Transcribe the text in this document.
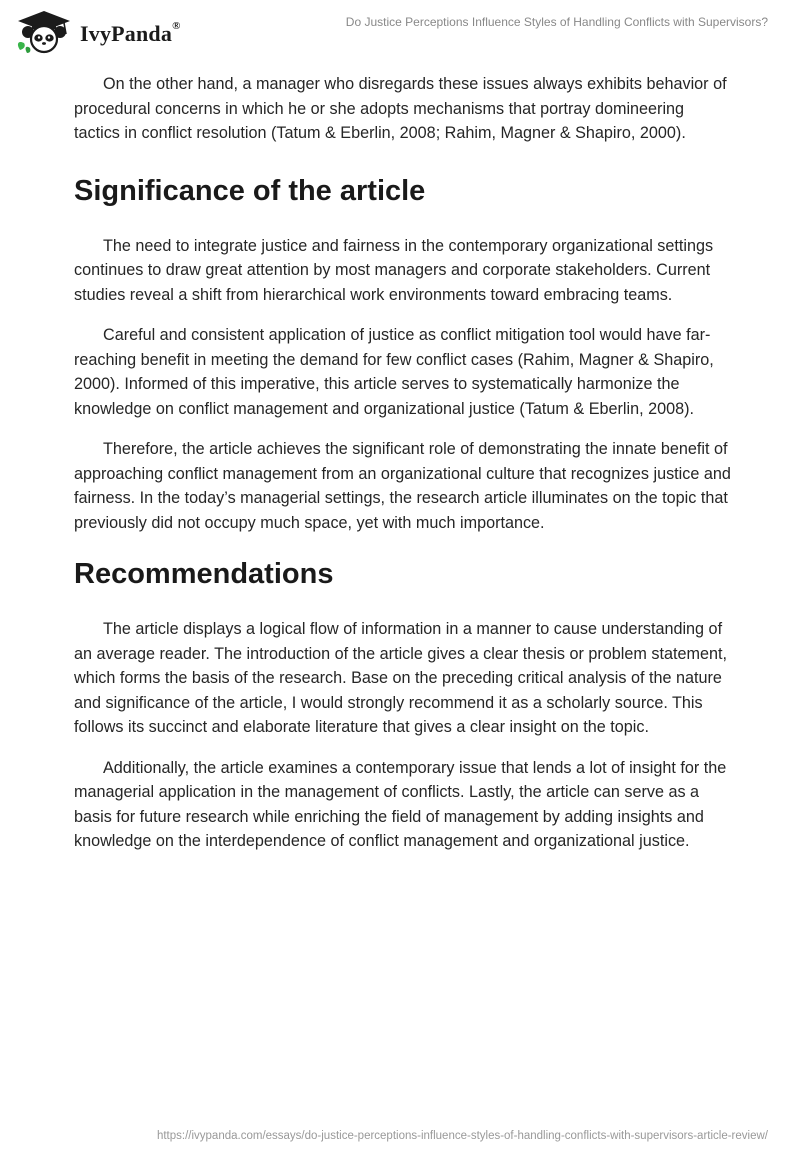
IvyPanda®	Do Justice Perceptions Influence Styles of Handling Conflicts with Supervisors?

On the other hand, a manager who disregards these issues always exhibits behavior of procedural concerns in which he or she adopts mechanisms that portray domineering tactics in conflict resolution (Tatum & Eberlin, 2008; Rahim, Magner & Shapiro, 2000).

Significance of the article

The need to integrate justice and fairness in the contemporary organizational settings continues to draw great attention by most managers and corporate stakeholders. Current studies reveal a shift from hierarchical work environments toward embracing teams.

Careful and consistent application of justice as conflict mitigation tool would have far-reaching benefit in meeting the demand for few conflict cases (Rahim, Magner & Shapiro, 2000). Informed of this imperative, this article serves to systematically harmonize the knowledge on conflict management and organizational justice (Tatum & Eberlin, 2008).

Therefore, the article achieves the significant role of demonstrating the innate benefit of approaching conflict management from an organizational culture that recognizes justice and fairness. In the today’s managerial settings, the research article illuminates on the topic that previously did not occupy much space, yet with much importance.

Recommendations

The article displays a logical flow of information in a manner to cause understanding of an average reader. The introduction of the article gives a clear thesis or problem statement, which forms the basis of the research. Base on the preceding critical analysis of the nature and significance of the article, I would strongly recommend it as a scholarly source. This follows its succinct and elaborate literature that gives a clear insight on the topic.

Additionally, the article examines a contemporary issue that lends a lot of insight for the managerial application in the management of conflicts. Lastly, the article can serve as a basis for future research while enriching the field of management by adding insights and knowledge on the interdependence of conflict management and organizational justice.

https://ivypanda.com/essays/do-justice-perceptions-influence-styles-of-handling-conflicts-with-supervisors-article-review/
